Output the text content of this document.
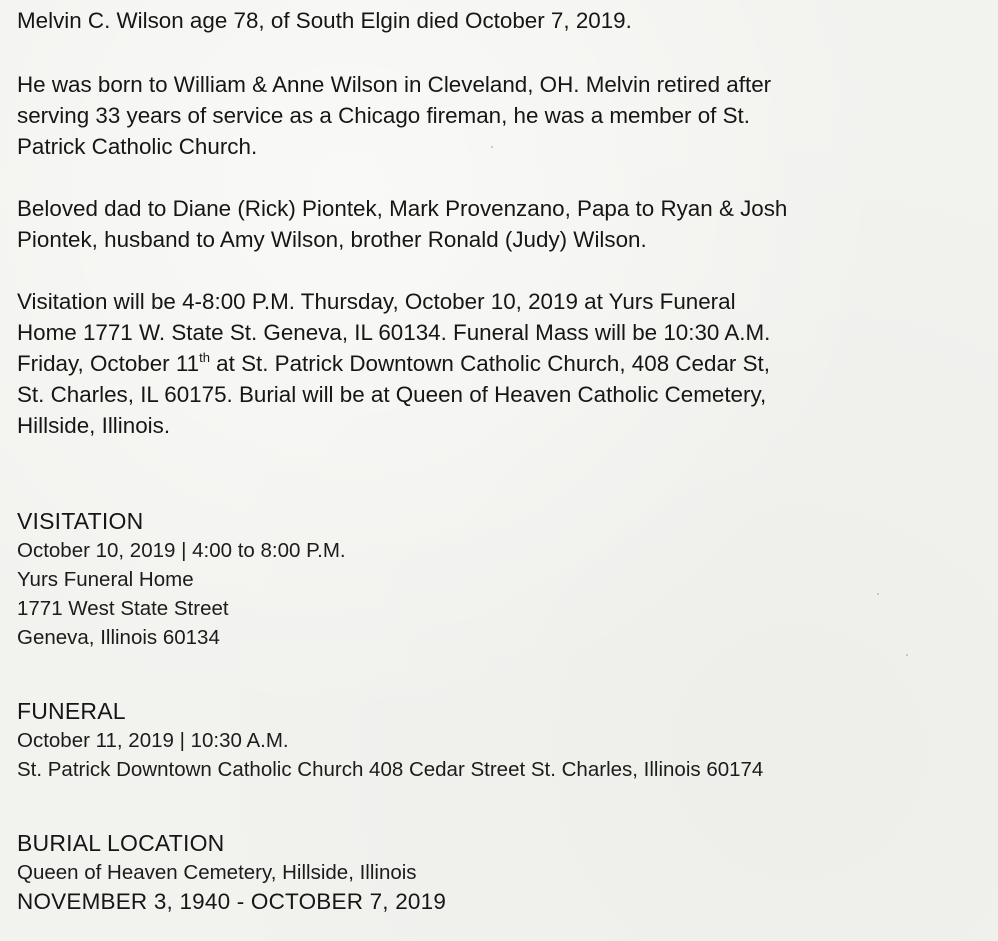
Melvin C. Wilson age 78, of South Elgin died October 7, 2019.

He was born to William & Anne Wilson in Cleveland, OH. Melvin retired after
serving 33 years of service as a Chicago fireman, he was a member of St.
Patrick Catholic Church.

Beloved dad to Diane (Rick) Piontek, Mark Provenzano, Papa to Ryan & Josh
Piontek, husband to Amy Wilson, brother Ronald (Judy) Wilson.

Visitation will be 4-8:00 P.M. Thursday, October 10, 2019 at Yurs Funeral
Home 1771 W. State St. Geneva, IL 60134. Funeral Mass will be 10:30 A.M.
Friday, October 11th at St. Patrick Downtown Catholic Church, 408 Cedar St,
St. Charles, IL 60175. Burial will be at Queen of Heaven Catholic Cemetery,
Hillside, Illinois.

VISITATION
October 10, 2019 | 4:00 to 8:00 P.M.
Yurs Funeral Home
1771 West State Street
Geneva, Illinois 60134
FUNERAL
October 11, 2019 | 10:30 A.M.
St. Patrick Downtown Catholic Church 408 Cedar Street St. Charles, Illinois 60174
BURIAL LOCATION
Queen of Heaven Cemetery, Hillside, Illinois
NOVEMBER 3, 1940 - OCTOBER 7, 2019
